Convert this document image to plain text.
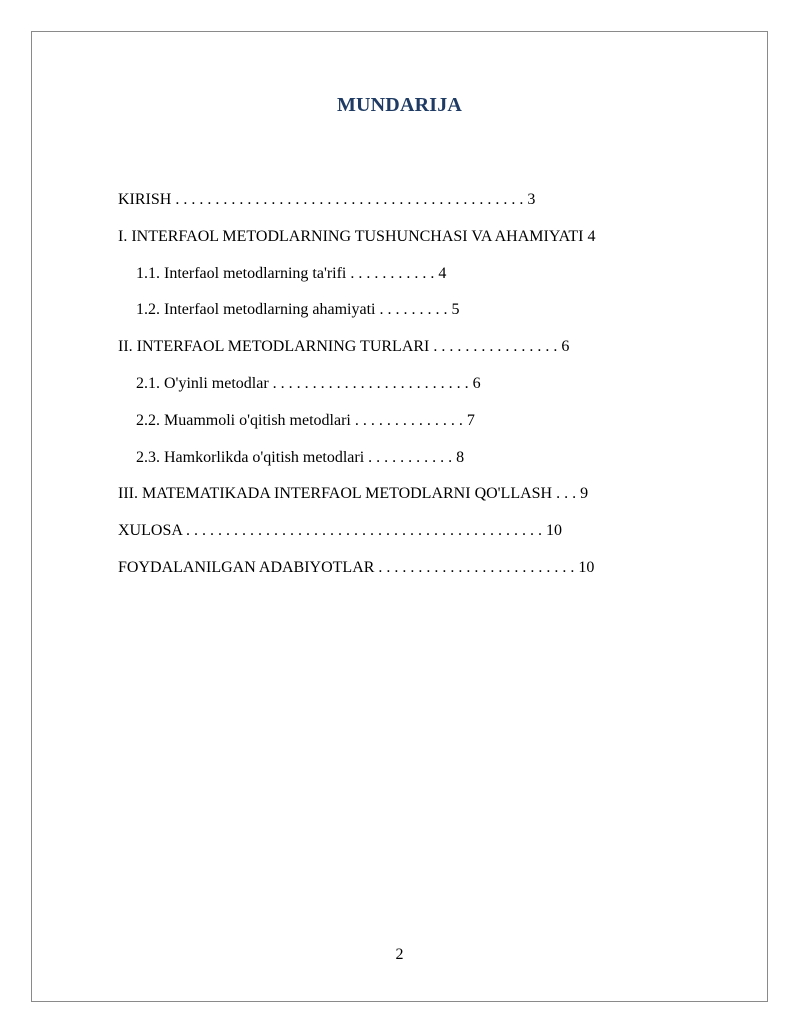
MUNDARIJA
KIRISH . . . . . . . . . . . . . . . . . . . . . . . . . . . . . . . . . . . . . . . . . . . . 3
I. INTERFAOL METODLARNING TUSHUNCHASI VA AHAMIYATI 4
1.1. Interfaol metodlarning ta'rifi . . . . . . . . . . . 4
1.2. Interfaol metodlarning ahamiyati . . . . . . . . . 5
II. INTERFAOL METODLARNING TURLARI . . . . . . . . . . . . . . . . 6
2.1. O'yinli metodlar . . . . . . . . . . . . . . . . . . . . . . . . . 6
2.2. Muammoli o'qitish metodlari . . . . . . . . . . . . . . 7
2.3. Hamkorlikda o'qitish metodlari . . . . . . . . . . . 8
III. MATEMATIKADA INTERFAOL METODLARNI QO'LLASH . . . 9
XULOSA . . . . . . . . . . . . . . . . . . . . . . . . . . . . . . . . . . . . . . . . . . . . . 10
FOYDALANILGAN ADABIYOTLAR . . . . . . . . . . . . . . . . . . . . . . . . . 10
2
